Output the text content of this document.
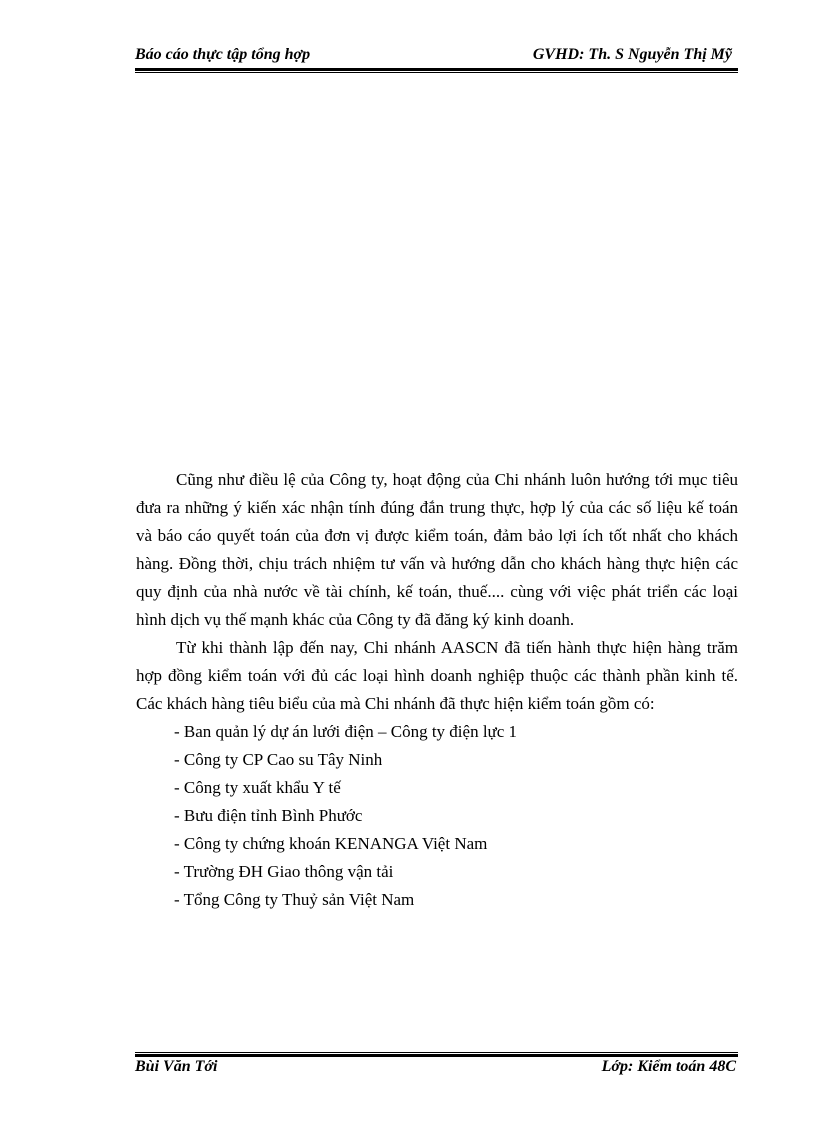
Báo cáo thực tập tổng hợp	GVHD: Th. S Nguyễn Thị Mỹ

Cũng như điều lệ của Công ty, hoạt động của Chi nhánh luôn hướng tới mục tiêu đưa ra những ý kiến xác nhận tính đúng đắn trung thực, hợp lý của các số liệu kế toán và báo cáo quyết toán của đơn vị được kiểm toán, đảm bảo lợi ích tốt nhất cho khách hàng. Đồng thời, chịu trách nhiệm tư vấn và hướng dẫn cho khách hàng thực hiện các quy định của nhà nước về tài chính, kế toán, thuế.... cùng với việc phát triển các loại hình dịch vụ thế mạnh khác của Công ty đã đăng ký kinh doanh.

Từ khi thành lập đến nay, Chi nhánh AASCN đã tiến hành thực hiện hàng trăm hợp đồng kiểm toán với đủ các loại hình doanh nghiệp thuộc các thành phần kinh tế. Các khách hàng tiêu biểu của mà Chi nhánh đã thực hiện kiểm toán gồm có:

- Ban quản lý dự án lưới điện – Công ty điện lực 1
- Công ty CP Cao su Tây Ninh
- Công ty xuất khẩu Y tế
- Bưu điện tỉnh Bình Phước
- Công ty chứng khoán KENANGA Việt Nam
- Trường ĐH Giao thông vận tải
- Tổng Công ty Thuỷ sản Việt Nam
Bùi Văn Tới	Lớp: Kiểm toán 48C
